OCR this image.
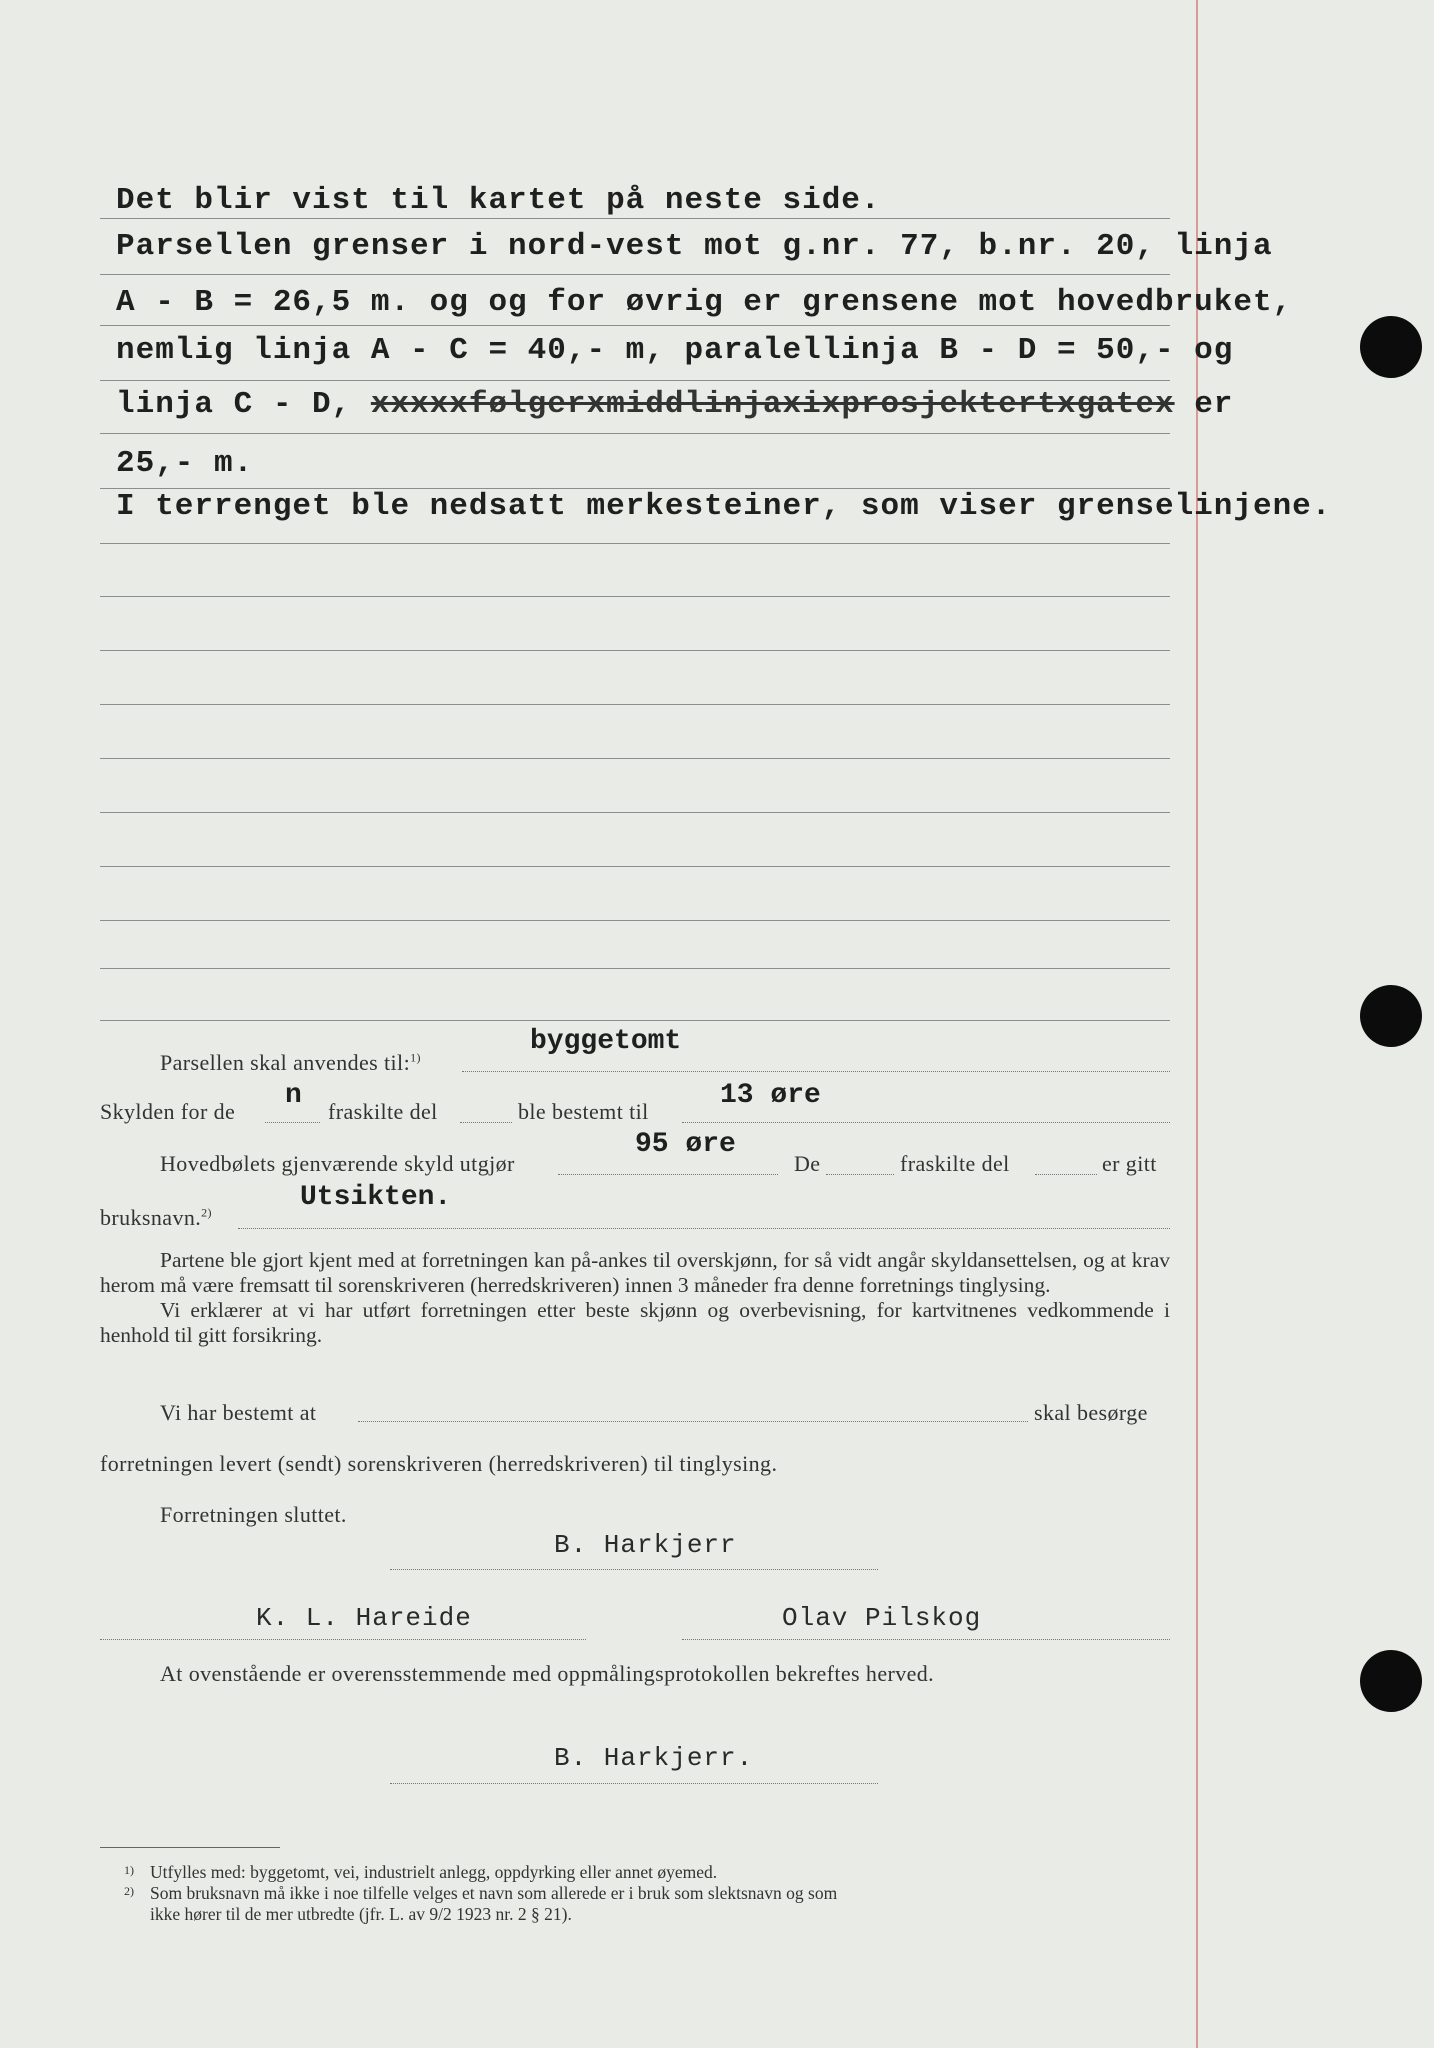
Det blir vist til kartet på neste side.
Parsellen grenser i nord-vest mot g.nr. 77, b.nr. 20, linja
A - B = 26,5 m. og og for øvrig er grensene mot hovedbruket,
nemlig linja A - C = 40,- m, paralellinja B - D = 50,- og
linja C - D, xxxxxfølgerxmiddlinjaxixprosjektertxgatex er
25,- m.
I terrenget ble nedsatt merkesteiner, som viser grenselinjene.
Parsellen skal anvendes til:$^{1)}$
byggetomt
Skylden for de
n
fraskilte del	ble bestemt til
13 øre
Hovedbølets gjenværende skyld utgjør
95 øre
De	fraskilte del	er gitt
bruksnavn.$^{2)}$	Utsikten.

Partene ble gjort kjent med at forretningen kan på-ankes til overskjønn, for så vidt angår skyldansettelsen, og at krav herom må være fremsatt til sorenskriveren (herredskriveren) innen 3 måneder fra denne forretnings tinglysing.

Vi erklærer at vi har utført forretningen etter beste skjønn og overbevisning, for kartvitnenes vedkommende i henhold til gitt forsikring.

Vi har bestemt at	skal besørge
forretningen levert (sendt) sorenskriveren (herredskriveren) til tinglysing.
Forretningen sluttet.
B. Harkjerr
K. L. Hareide	Olav Pilskog
At ovenstående er overensstemmende med oppmålingsprotokollen bekreftes herved.
B. Harkjerr.
1) Utfylles med: byggetomt, vei, industrielt anlegg, oppdyrking eller annet øyemed.
2) Som bruksnavn må ikke i noe tilfelle velges et navn som allerede er i bruk som slektsnavn og som
ikke hører til de mer utbredte (jfr. L. av 9/2 1923 nr. 2 § 21).
